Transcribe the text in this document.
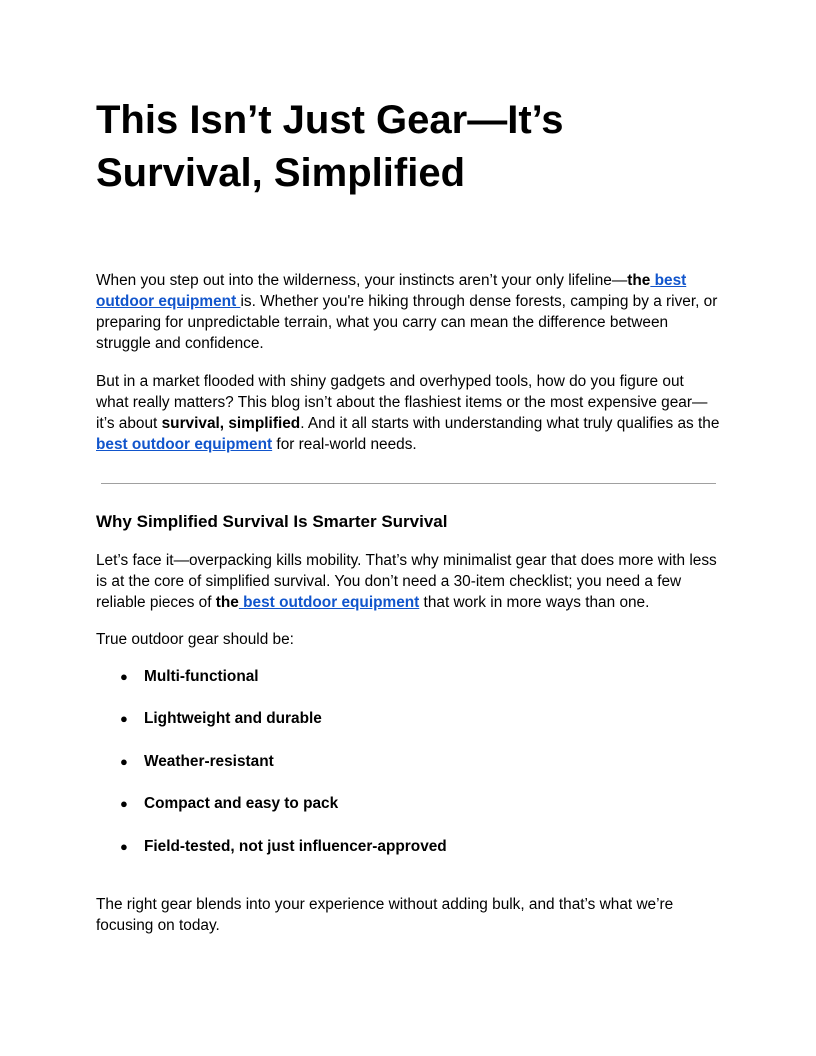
This Isn’t Just Gear—It’s Survival, Simplified

When you step out into the wilderness, your instincts aren’t your only lifeline—the best outdoor equipment is. Whether you're hiking through dense forests, camping by a river, or preparing for unpredictable terrain, what you carry can mean the difference between struggle and confidence.

But in a market flooded with shiny gadgets and overhyped tools, how do you figure out what really matters? This blog isn’t about the flashiest items or the most expensive gear—it’s about survival, simplified. And it all starts with understanding what truly qualifies as the best outdoor equipment for real-world needs.

Why Simplified Survival Is Smarter Survival

Let’s face it—overpacking kills mobility. That’s why minimalist gear that does more with less is at the core of simplified survival. You don’t need a 30-item checklist; you need a few reliable pieces of the best outdoor equipment that work in more ways than one.

True outdoor gear should be:

● Multi-functional
● Lightweight and durable
● Weather-resistant
● Compact and easy to pack
● Field-tested, not just influencer-approved

The right gear blends into your experience without adding bulk, and that’s what we’re focusing on today.
